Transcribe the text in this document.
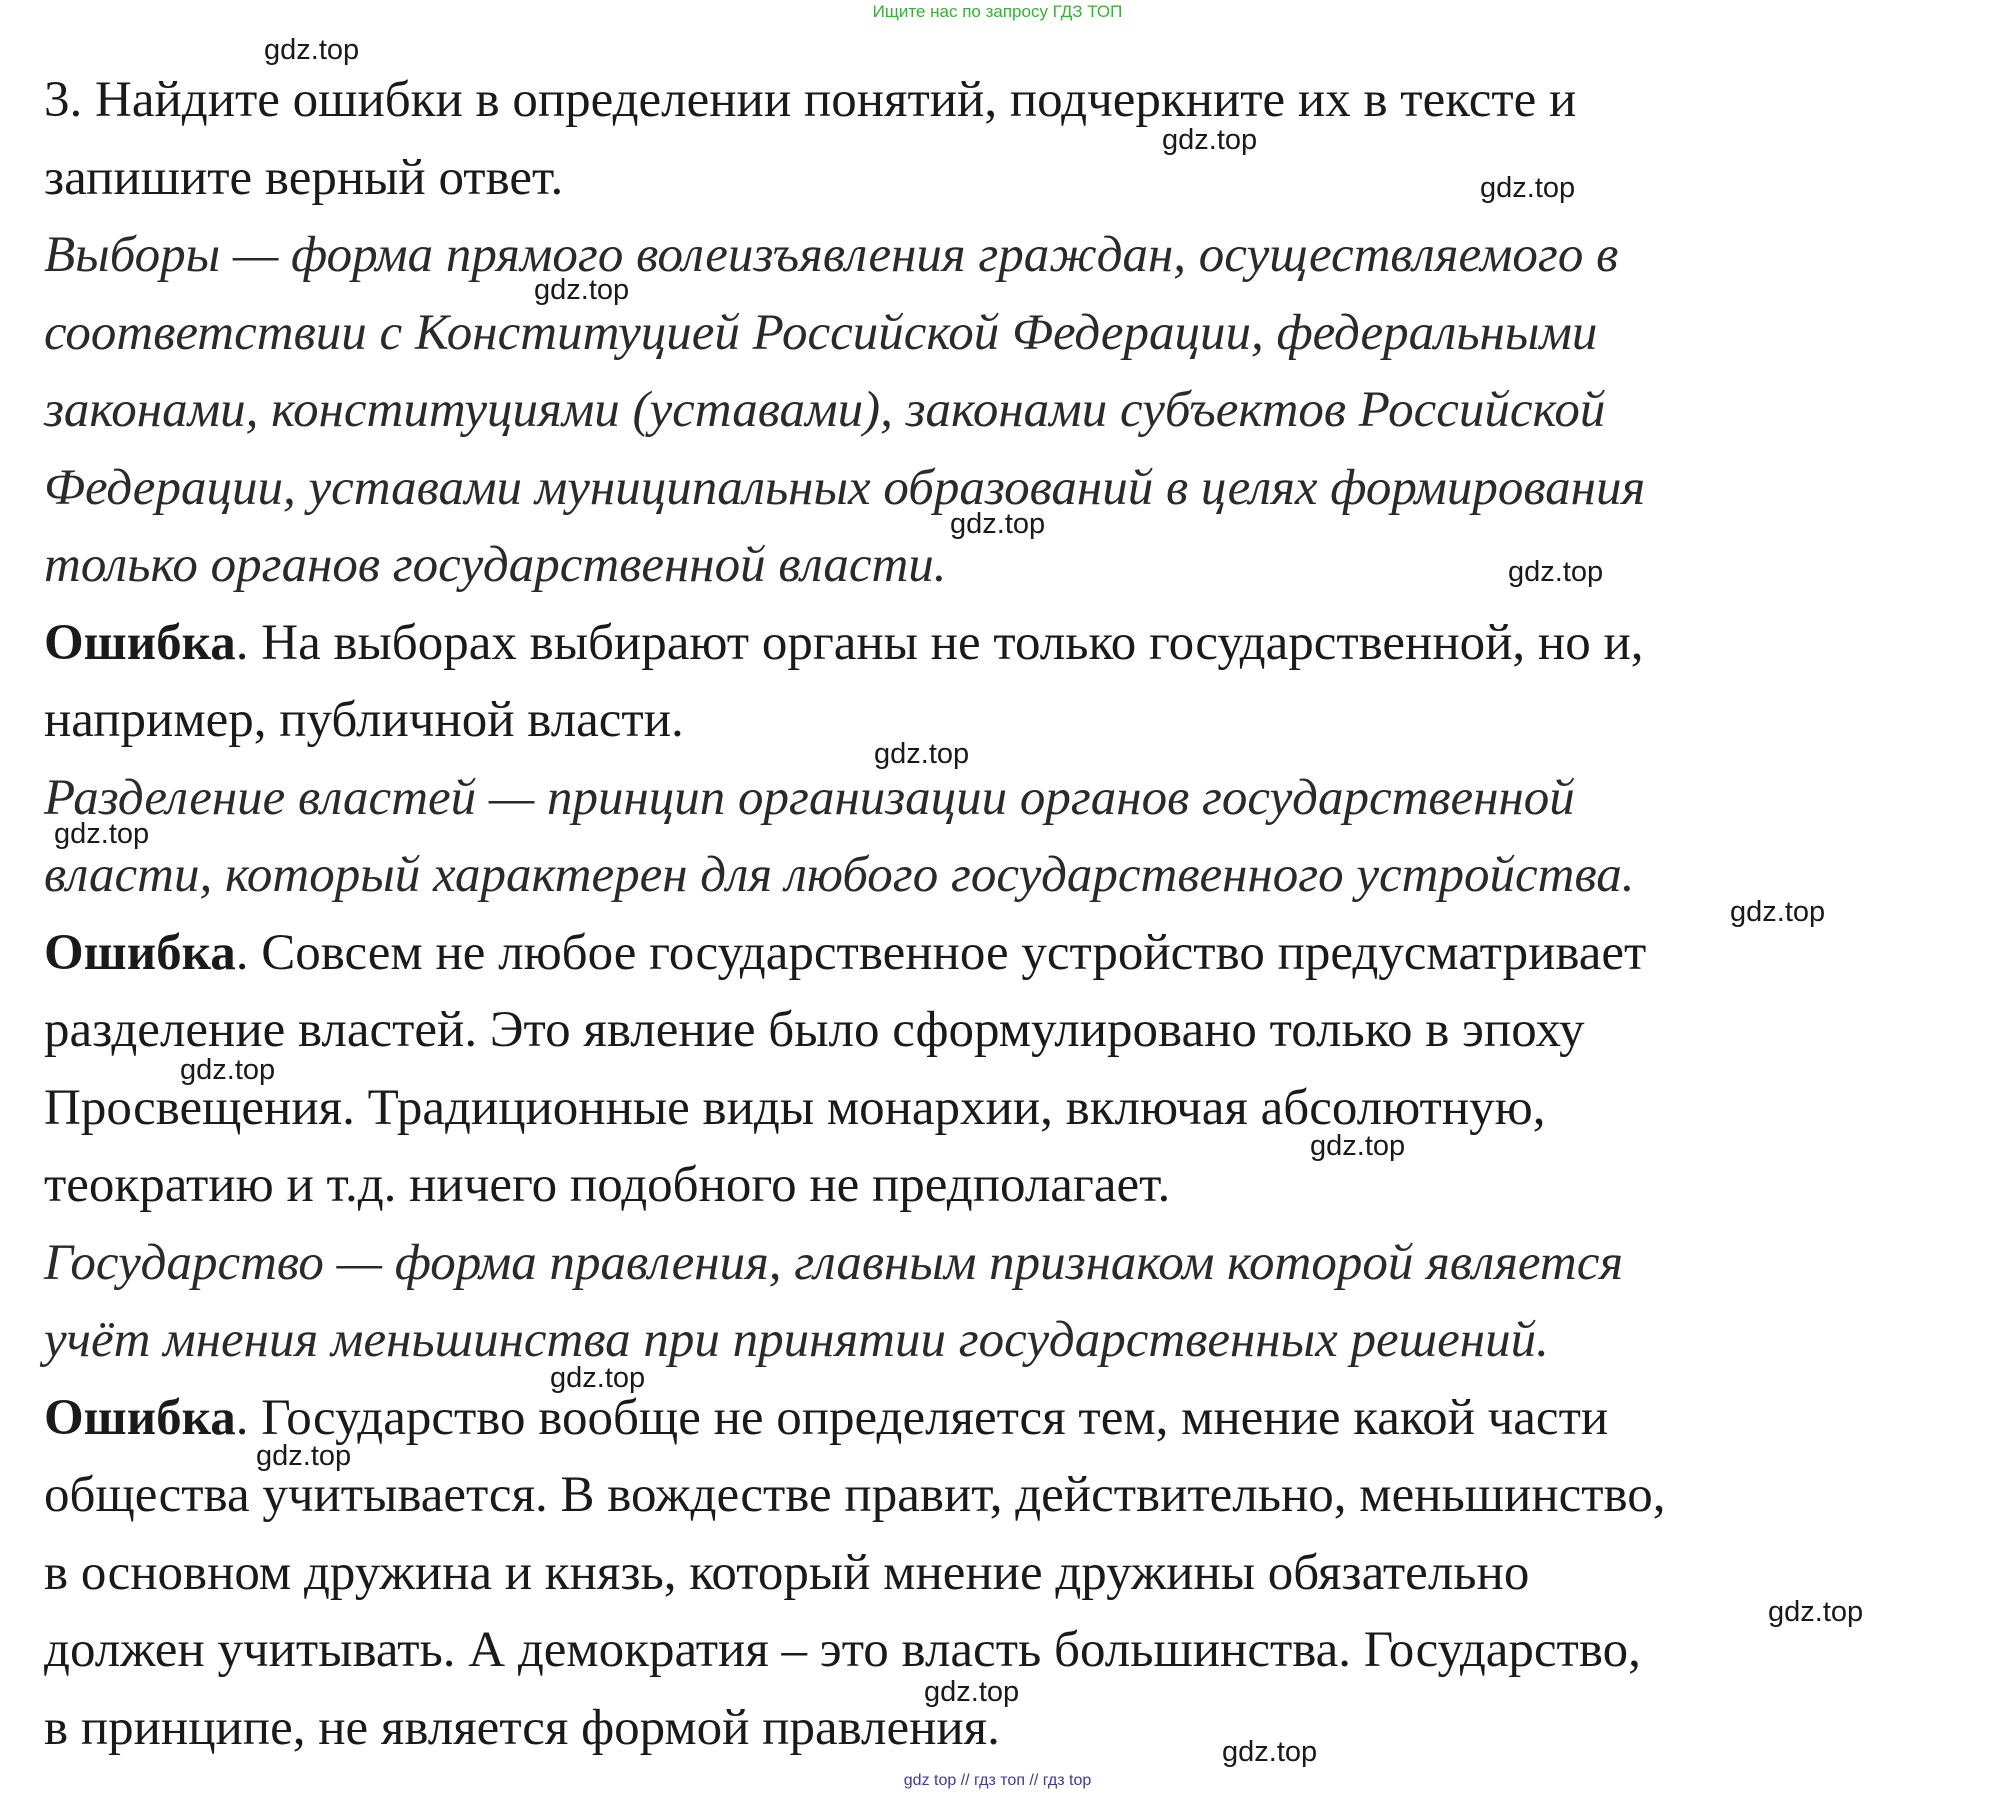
Ищите нас по запросу ГДЗ ТОП
3. Найдите ошибки в определении понятий, подчеркните их в тексте и
запишите верный ответ.
Выборы — форма прямого волеизъявления граждан, осуществляемого в
соответствии с Конституцией Российской Федерации, федеральными
законами, конституциями (уставами), законами субъектов Российской
Федерации, уставами муниципальных образований в целях формирования
только органов государственной власти.
Ошибка. На выборах выбирают органы не только государственной, но и,
например, публичной власти.
Разделение властей — принцип организации органов государственной
власти, который характерен для любого государственного устройства.
Ошибка. Совсем не любое государственное устройство предусматривает
разделение властей. Это явление было сформулировано только в эпоху
Просвещения. Традиционные виды монархии, включая абсолютную,
теократию и т.д. ничего подобного не предполагает.
Государство — форма правления, главным признаком которой является
учёт мнения меньшинства при принятии государственных решений.
Ошибка. Государство вообще не определяется тем, мнение какой части
общества учитывается. В вождестве правит, действительно, меньшинство,
в основном дружина и князь, который мнение дружины обязательно
должен учитывать. А демократия – это власть большинства. Государство,
в принципе, не является формой правления.
gdz.top
gdz.top
gdz.top
gdz.top
gdz.top
gdz.top
gdz.top
gdz.top
gdz.top
gdz.top
gdz.top
gdz.top
gdz.top
gdz.top
gdz.top
gdz.top
gdz top // гдз топ // гдз top
